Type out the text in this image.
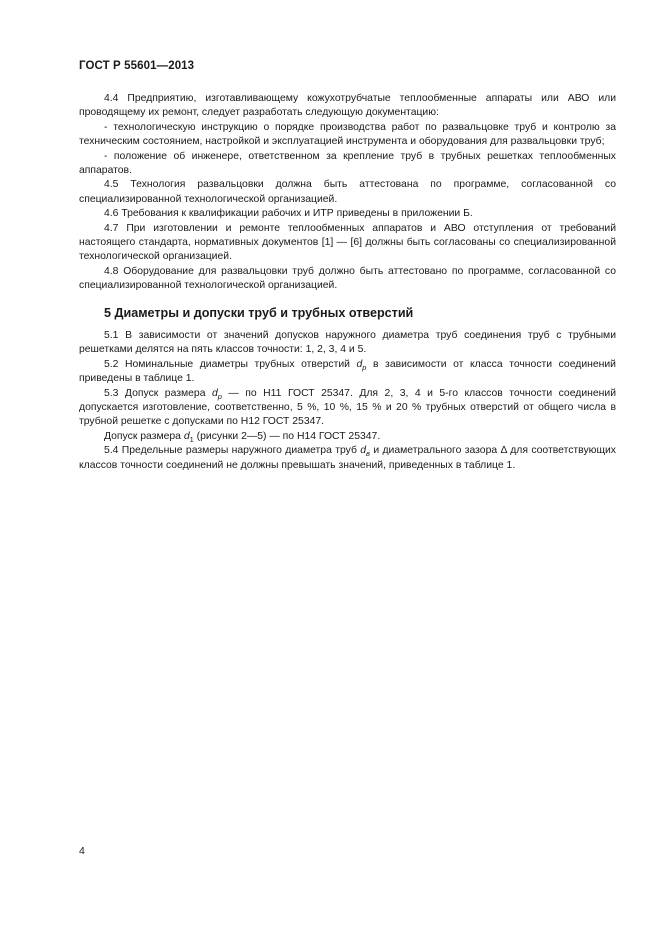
ГОСТ Р 55601—2013

4.4 Предприятию, изготавливающему кожухотрубчатые теплообменные аппараты или АВО или проводящему их ремонт, следует разработать следующую документацию:

- технологическую инструкцию о порядке производства работ по развальцовке труб и контролю за техническим состоянием, настройкой и эксплуатацией инструмента и оборудования для развальцовки труб;

- положение об инженере, ответственном за крепление труб в трубных решетках теплообменных аппаратов.

4.5 Технология развальцовки должна быть аттестована по программе, согласованной со специализированной технологической организацией.

4.6 Требования к квалификации рабочих и ИТР приведены в приложении Б.

4.7 При изготовлении и ремонте теплообменных аппаратов и АВО отступления от требований настоящего стандарта, нормативных документов [1] — [6] должны быть согласованы со специализированной технологической организацией.

4.8 Оборудование для развальцовки труб должно быть аттестовано по программе, согласованной со специализированной технологической организацией.

5 Диаметры и допуски труб и трубных отверстий

5.1 В зависимости от значений допусков наружного диаметра труб соединения труб с трубными решетками делятся на пять классов точности: 1, 2, 3, 4 и 5.

5.2 Номинальные диаметры трубных отверстий $d_p$ в зависимости от класса точности соединений приведены в таблице 1.

5.3 Допуск размера $d_p$ — по Н11 ГОСТ 25347. Для 2, 3, 4 и 5-го классов точности соединений допускается изготовление, соответственно, 5 %, 10 %, 15 % и 20 % трубных отверстий от общего числа в трубной решетке с допусками по Н12 ГОСТ 25347.

Допуск размера $d_1$ (рисунки 2—5) — по Н14 ГОСТ 25347.

5.4 Предельные размеры наружного диаметра труб $d_в$ и диаметрального зазора Δ для соответствующих классов точности соединений не должны превышать значений, приведенных в таблице 1.

4
